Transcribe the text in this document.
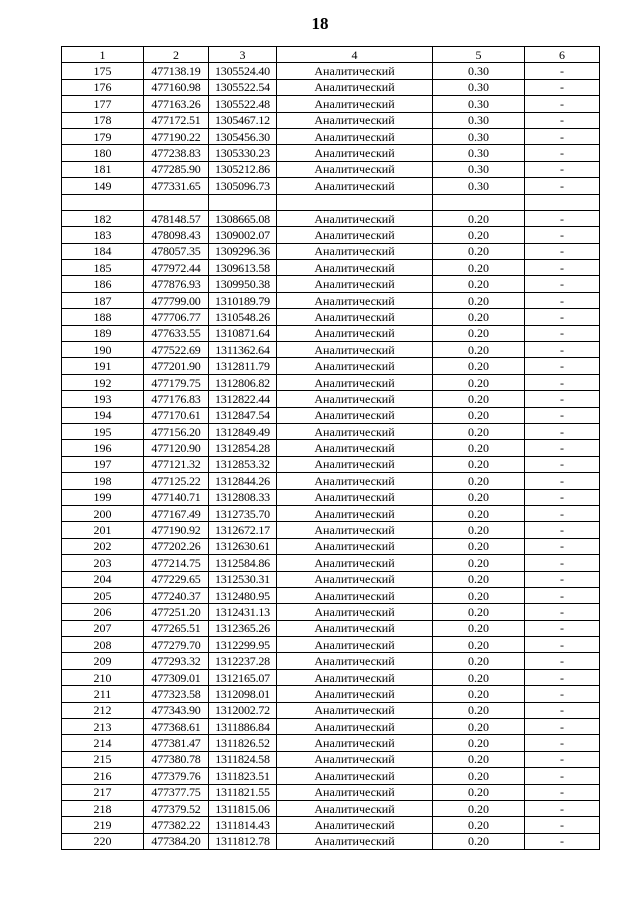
18
1	2	3	4	5	6
175	477138.19	1305524.40	Аналитический	0.30	-
176	477160.98	1305522.54	Аналитический	0.30	-
177	477163.26	1305522.48	Аналитический	0.30	-
178	477172.51	1305467.12	Аналитический	0.30	-
179	477190.22	1305456.30	Аналитический	0.30	-
180	477238.83	1305330.23	Аналитический	0.30	-
181	477285.90	1305212.86	Аналитический	0.30	-
149	477331.65	1305096.73	Аналитический	0.30	-

182	478148.57	1308665.08	Аналитический	0.20	-
183	478098.43	1309002.07	Аналитический	0.20	-
184	478057.35	1309296.36	Аналитический	0.20	-
185	477972.44	1309613.58	Аналитический	0.20	-
186	477876.93	1309950.38	Аналитический	0.20	-
187	477799.00	1310189.79	Аналитический	0.20	-
188	477706.77	1310548.26	Аналитический	0.20	-
189	477633.55	1310871.64	Аналитический	0.20	-
190	477522.69	1311362.64	Аналитический	0.20	-
191	477201.90	1312811.79	Аналитический	0.20	-
192	477179.75	1312806.82	Аналитический	0.20	-
193	477176.83	1312822.44	Аналитический	0.20	-
194	477170.61	1312847.54	Аналитический	0.20	-
195	477156.20	1312849.49	Аналитический	0.20	-
196	477120.90	1312854.28	Аналитический	0.20	-
197	477121.32	1312853.32	Аналитический	0.20	-
198	477125.22	1312844.26	Аналитический	0.20	-
199	477140.71	1312808.33	Аналитический	0.20	-
200	477167.49	1312735.70	Аналитический	0.20	-
201	477190.92	1312672.17	Аналитический	0.20	-
202	477202.26	1312630.61	Аналитический	0.20	-
203	477214.75	1312584.86	Аналитический	0.20	-
204	477229.65	1312530.31	Аналитический	0.20	-
205	477240.37	1312480.95	Аналитический	0.20	-
206	477251.20	1312431.13	Аналитический	0.20	-
207	477265.51	1312365.26	Аналитический	0.20	-
208	477279.70	1312299.95	Аналитический	0.20	-
209	477293.32	1312237.28	Аналитический	0.20	-
210	477309.01	1312165.07	Аналитический	0.20	-
211	477323.58	1312098.01	Аналитический	0.20	-
212	477343.90	1312002.72	Аналитический	0.20	-
213	477368.61	1311886.84	Аналитический	0.20	-
214	477381.47	1311826.52	Аналитический	0.20	-
215	477380.78	1311824.58	Аналитический	0.20	-
216	477379.76	1311823.51	Аналитический	0.20	-
217	477377.75	1311821.55	Аналитический	0.20	-
218	477379.52	1311815.06	Аналитический	0.20	-
219	477382.22	1311814.43	Аналитический	0.20	-
220	477384.20	1311812.78	Аналитический	0.20	-
